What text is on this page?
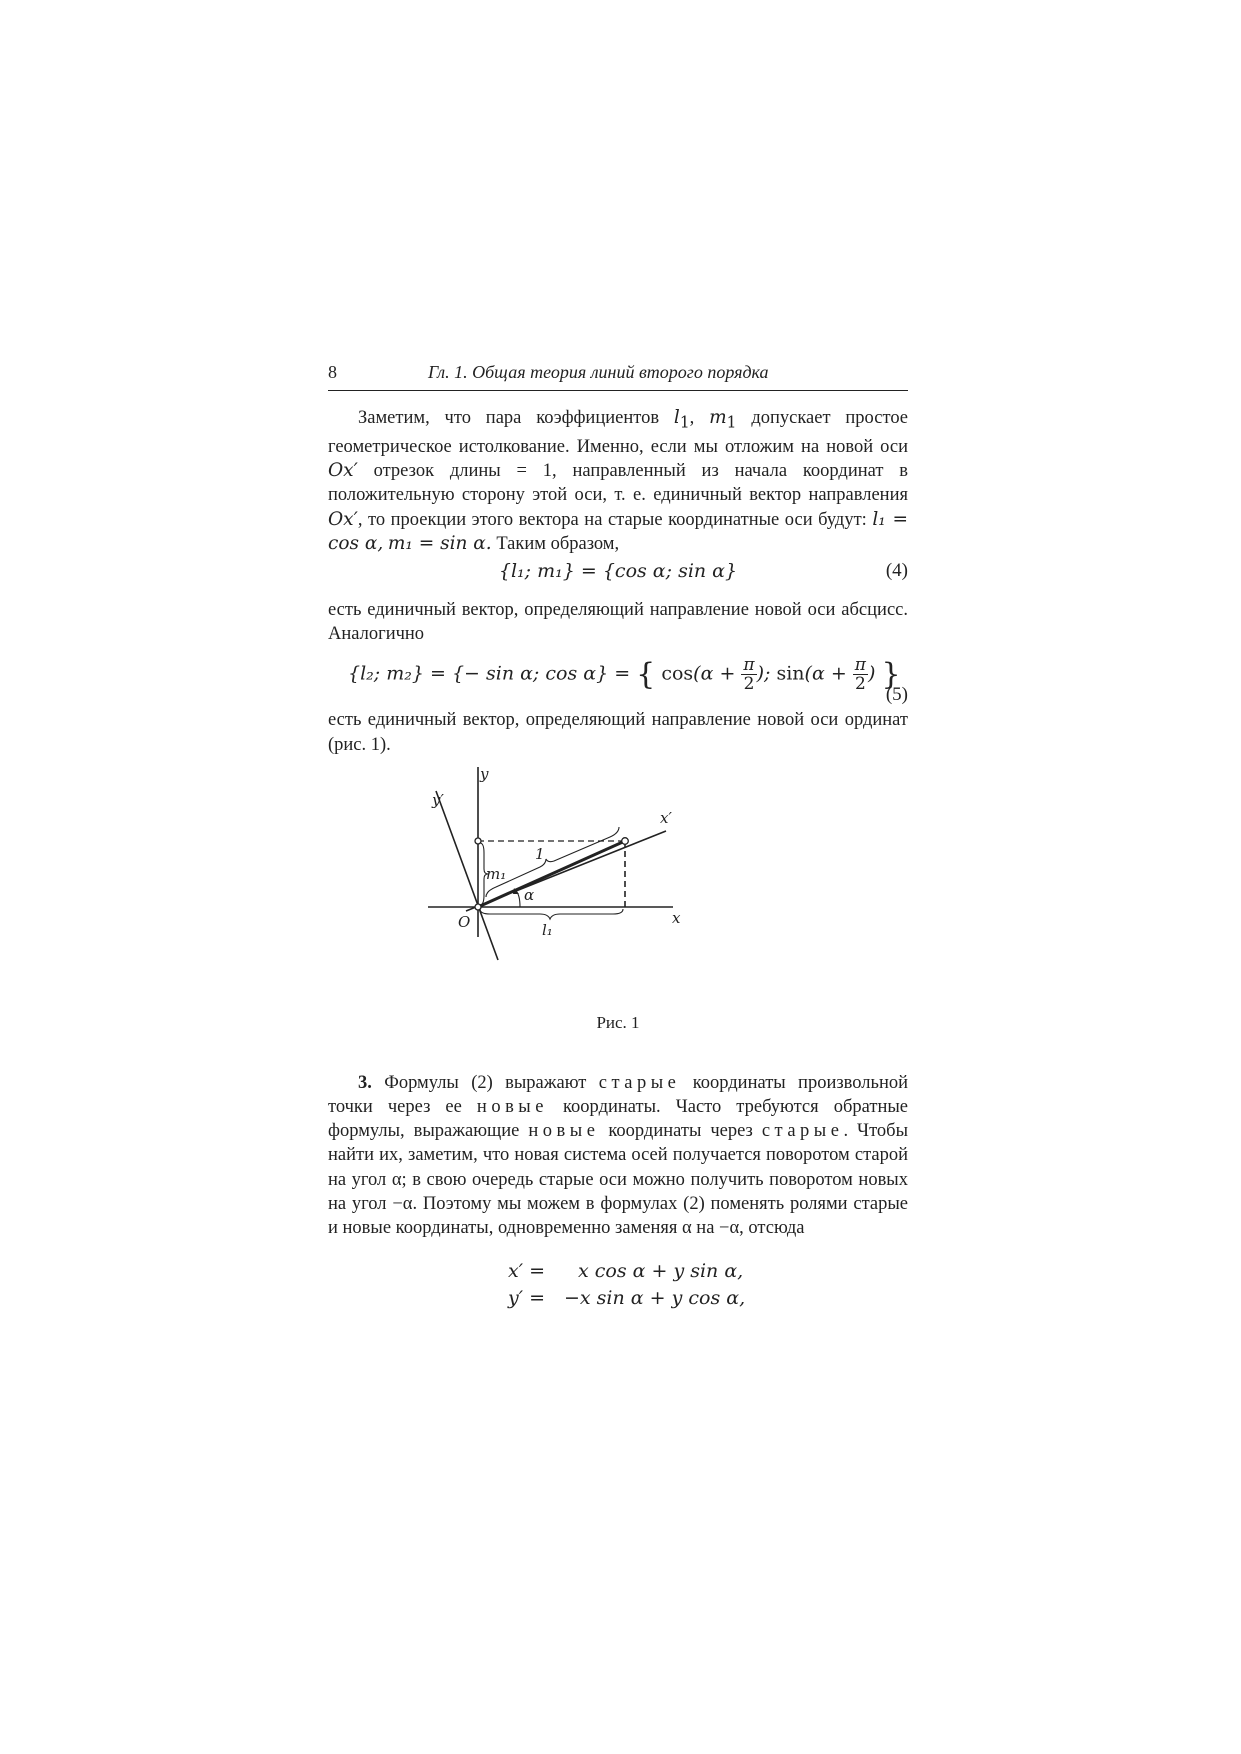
8	Гл. 1. Общая теория линий второго порядка

Заметим, что пара коэффициентов $l_1$, $m_1$ допускает простое геометрическое истолкование. Именно, если мы отложим на новой оси Ox′ отрезок длины = 1, направленный из начала координат в положительную сторону этой оси, т. е. единичный вектор направления Ox′, то проекции этого вектора на старые координатные оси будут: l₁ = cos α, m₁ = sin α. Таким образом,

{l₁; m₁} = {cos α; sin α}	(4)

есть единичный вектор, определяющий направление новой оси абсцисс. Аналогично

{l₂; m₂} = {− sin α; cos α} = { $\cos(\alpha + \frac{\pi}{2}$ ); $\sin(\alpha + \frac{\pi}{2}$ ) }
(5)

есть единичный вектор, определяющий направление новой оси ординат (рис. 1).

y
y′
x′
x
O
m₁
1
α
l₁
Рис. 1

3. Формулы (2) выражают старые координаты произвольной точки через ее новые координаты. Часто требуются обратные формулы, выражающие новые координаты через старые. Чтобы найти их, заметим, что новая система осей получается поворотом старой на угол α; в свою очередь старые оси можно получить поворотом новых на угол −α. Поэтому мы можем в формулах (2) поменять ролями старые и новые координаты, одновременно заменяя α на −α, отсюда

x′ = x cos α + y sin α,
y′ = −x sin α + y cos α,
